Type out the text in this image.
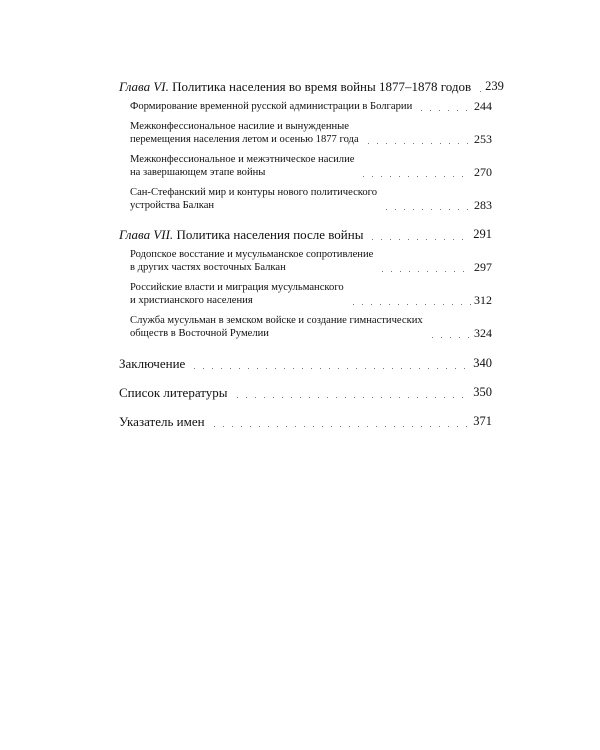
Глава VI. Политика населения во время войны 1877–1878 годов 239
Формирование временной русской администрации в Болгарии	244
Межконфессиональное насилие и вынужденные
перемещения населения летом и осенью 1877 года	253
Межконфессиональное и межэтническое насилие
на завершающем этапе войны	270
Сан-Стефанский мир и контуры нового политического
устройства Балкан	283
Глава VII. Политика населения после войны	291
Родопское восстание и мусульманское сопротивление
в других частях восточных Балкан	297
Российские власти и миграция мусульманского
и христианского населения	312
Служба мусульман в земском войске и создание гимнастических
обществ в Восточной Румелии	324
Заключение	340
Список литературы	350
Указатель имен	371
